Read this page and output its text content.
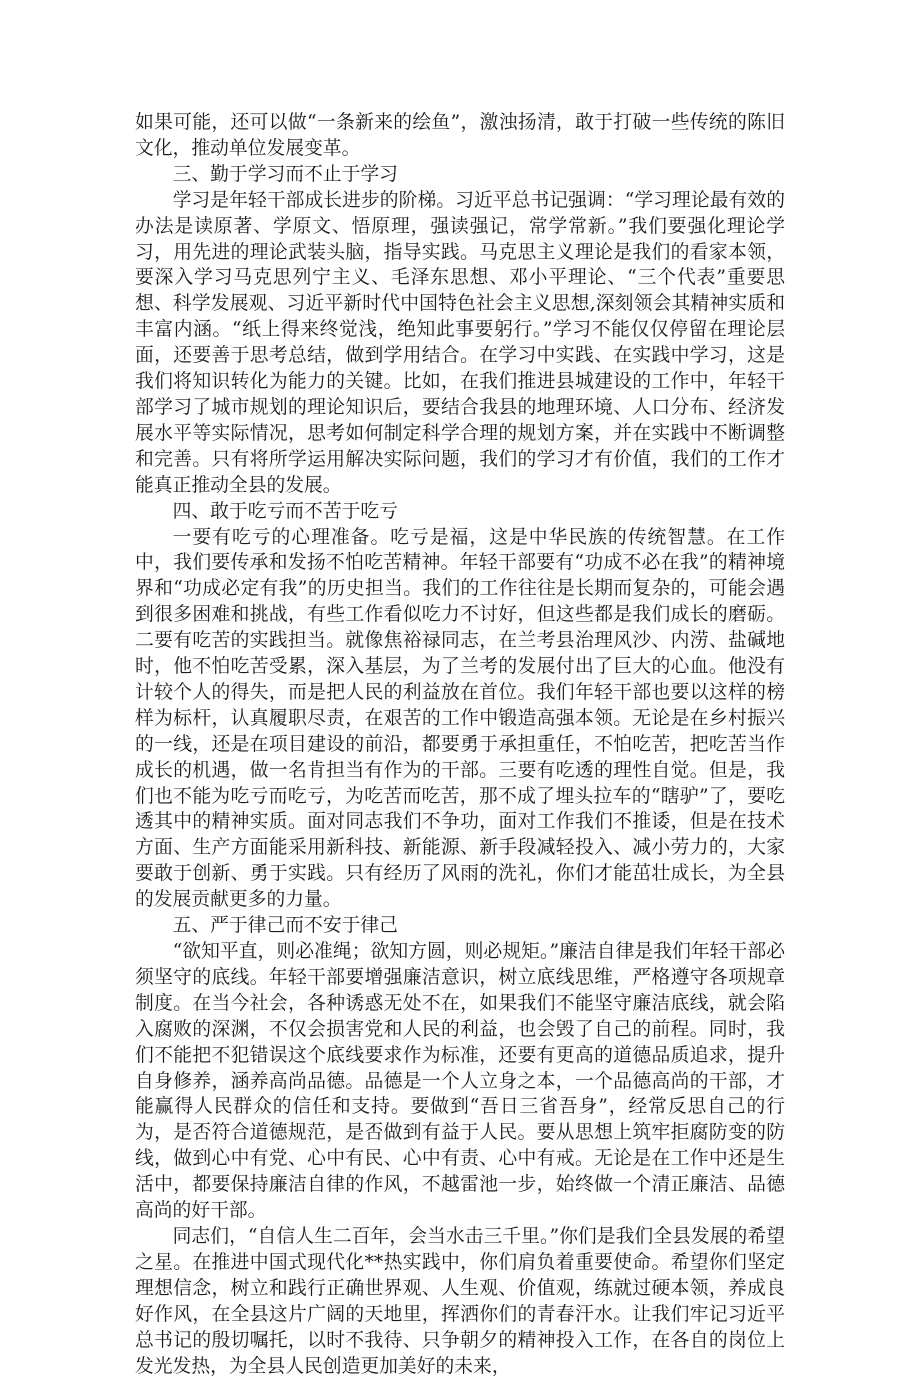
如果可能，还可以做“一条新来的绘鱼”，激浊扬清，敢于打破一些传统的陈旧文化，推动单位发展变革。

三、勤于学习而不止于学习

学习是年轻干部成长进步的阶梯。习近平总书记强调：“学习理论最有效的办法是读原著、学原文、悟原理，强读强记，常学常新。”我们要强化理论学习，用先进的理论武装头脑，指导实践。马克思主义理论是我们的看家本领，要深入学习马克思列宁主义、毛泽东思想、邓小平理论、“三个代表”重要思想、科学发展观、习近平新时代中国特色社会主义思想,深刻领会其精神实质和丰富内涵。“纸上得来终觉浅，绝知此事要躬行。”学习不能仅仅停留在理论层面，还要善于思考总结，做到学用结合。在学习中实践、在实践中学习，这是我们将知识转化为能力的关键。比如，在我们推进县城建设的工作中，年轻干部学习了城市规划的理论知识后，要结合我县的地理环境、人口分布、经济发展水平等实际情况，思考如何制定科学合理的规划方案，并在实践中不断调整和完善。只有将所学运用解决实际问题，我们的学习才有价值，我们的工作才能真正推动全县的发展。

四、敢于吃亏而不苦于吃亏

一要有吃亏的心理准备。吃亏是福，这是中华民族的传统智慧。在工作中，我们要传承和发扬不怕吃苦精神。年轻干部要有“功成不必在我”的精神境界和“功成必定有我”的历史担当。我们的工作往往是长期而复杂的，可能会遇到很多困难和挑战，有些工作看似吃力不讨好，但这些都是我们成长的磨砺。二要有吃苦的实践担当。就像焦裕禄同志，在兰考县治理风沙、内涝、盐碱地时，他不怕吃苦受累，深入基层，为了兰考的发展付出了巨大的心血。他没有计较个人的得失，而是把人民的利益放在首位。我们年轻干部也要以这样的榜样为标杆，认真履职尽责，在艰苦的工作中锻造高强本领。无论是在乡村振兴的一线，还是在项目建设的前沿，都要勇于承担重任，不怕吃苦，把吃苦当作成长的机遇，做一名肯担当有作为的干部。三要有吃透的理性自觉。但是，我们也不能为吃亏而吃亏，为吃苦而吃苦，那不成了埋头拉车的“瞎驴”了，要吃透其中的精神实质。面对同志我们不争功，面对工作我们不推诿，但是在技术方面、生产方面能采用新科技、新能源、新手段减轻投入、减小劳力的，大家要敢于创新、勇于实践。只有经历了风雨的洗礼，你们才能茁壮成长，为全县的发展贡献更多的力量。

五、严于律己而不安于律己

“欲知平直，则必准绳；欲知方圆，则必规矩。”廉洁自律是我们年轻干部必须坚守的底线。年轻干部要增强廉洁意识，树立底线思维，严格遵守各项规章制度。在当今社会，各种诱惑无处不在，如果我们不能坚守廉洁底线，就会陷入腐败的深渊，不仅会损害党和人民的利益，也会毁了自己的前程。同时，我们不能把不犯错误这个底线要求作为标准，还要有更高的道德品质追求，提升自身修养，涵养高尚品德。品德是一个人立身之本，一个品德高尚的干部，才能赢得人民群众的信任和支持。要做到“吾日三省吾身”，经常反思自己的行为，是否符合道德规范，是否做到有益于人民。要从思想上筑牢拒腐防变的防线，做到心中有党、心中有民、心中有责、心中有戒。无论是在工作中还是生活中，都要保持廉洁自律的作风，不越雷池一步，始终做一个清正廉洁、品德高尚的好干部。

同志们，“自信人生二百年，会当水击三千里。”你们是我们全县发展的希望之星。在推进中国式现代化**热实践中，你们肩负着重要使命。希望你们坚定理想信念，树立和践行正确世界观、人生观、价值观，练就过硬本领，养成良好作风，在全县这片广阔的天地里，挥洒你们的青春汗水。让我们牢记习近平总书记的殷切嘱托，以时不我待、只争朝夕的精神投入工作，在各自的岗位上发光发热，为全县人民创造更加美好的未来，
